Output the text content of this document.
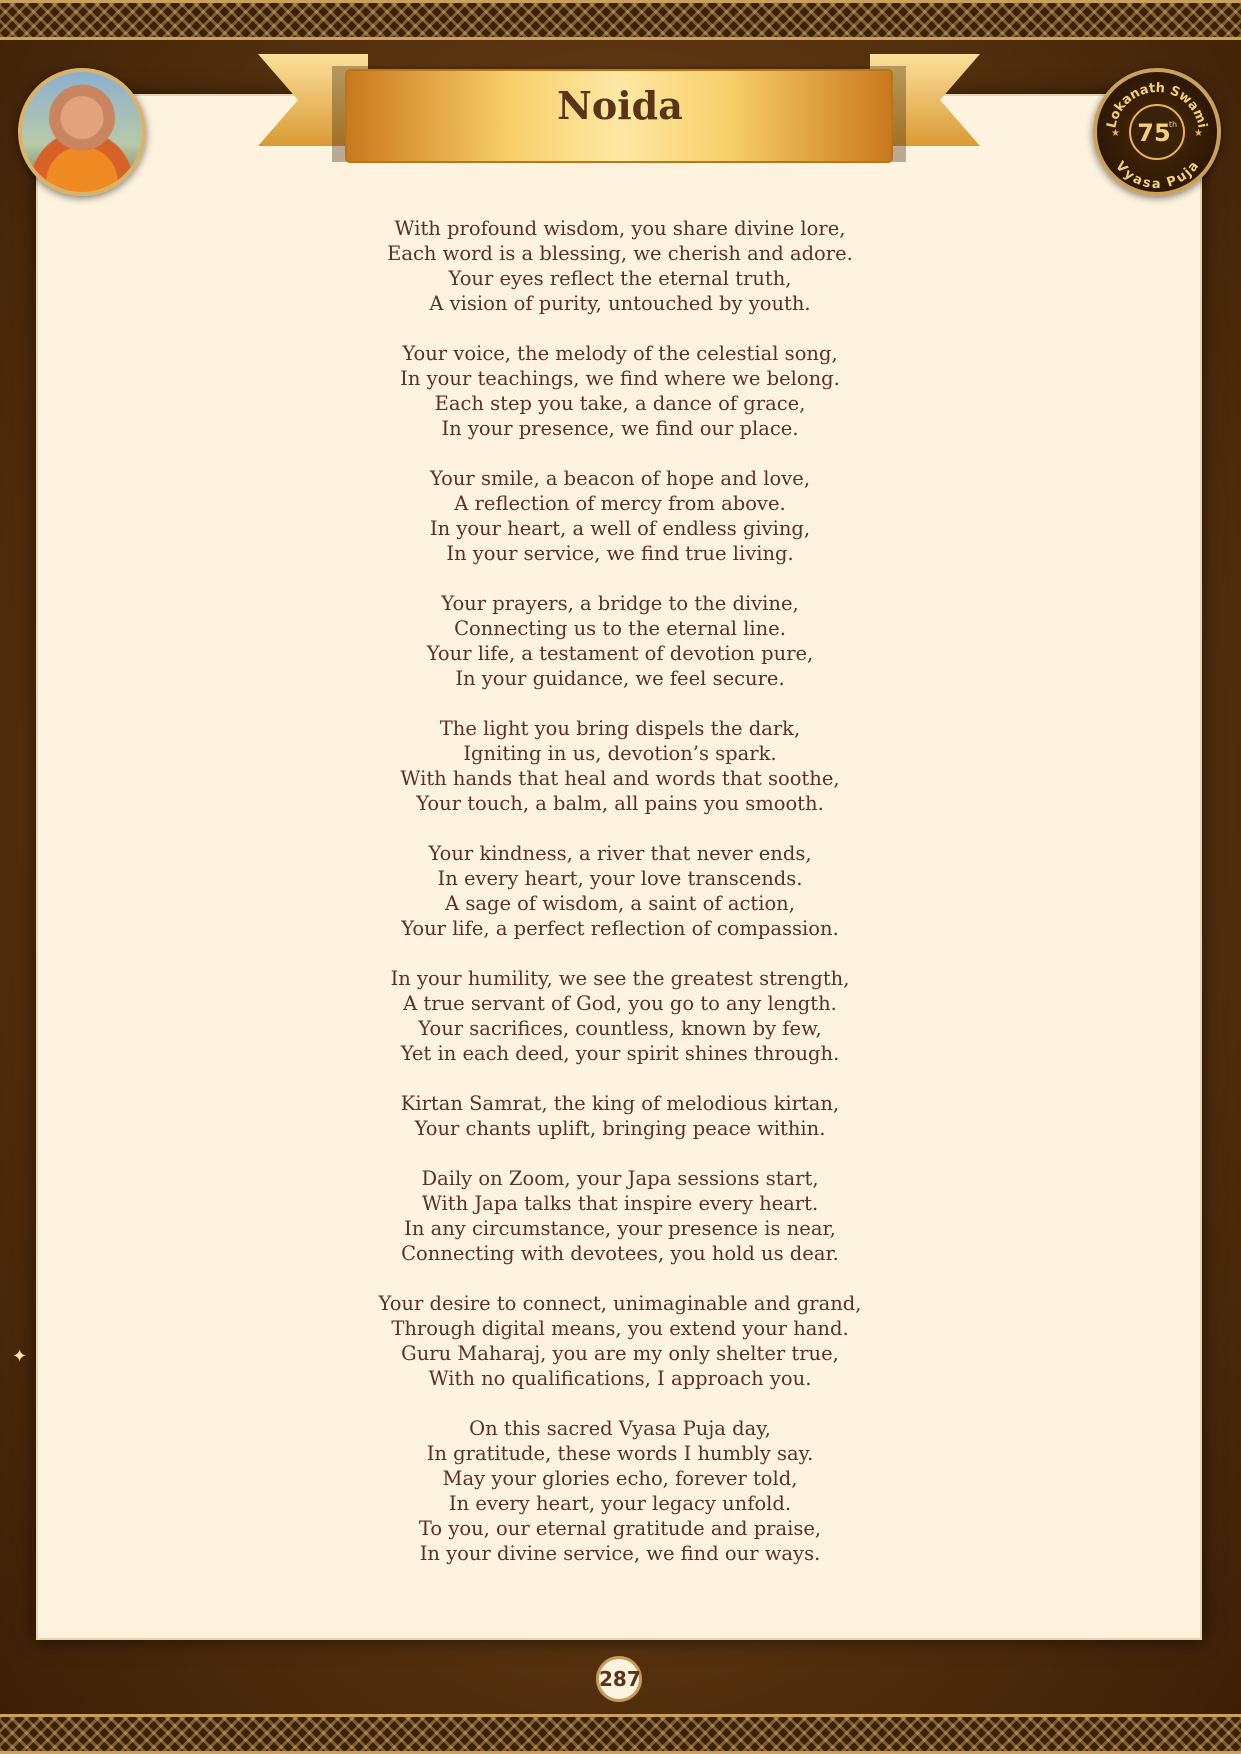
Noida	Lokanath Swami
Vyasa Puja
75
th
★	★

With profound wisdom, you share divine lore,
Each word is a blessing, we cherish and adore.
Your eyes reflect the eternal truth,
A vision of purity, untouched by youth.

Your voice, the melody of the celestial song,
In your teachings, we find where we belong.
Each step you take, a dance of grace,
In your presence, we find our place.

Your smile, a beacon of hope and love,
A reflection of mercy from above.
In your heart, a well of endless giving,
In your service, we find true living.

Your prayers, a bridge to the divine,
Connecting us to the eternal line.
Your life, a testament of devotion pure,
In your guidance, we feel secure.

The light you bring dispels the dark,
Igniting in us, devotion’s spark.
With hands that heal and words that soothe,
Your touch, a balm, all pains you smooth.

Your kindness, a river that never ends,
In every heart, your love transcends.
A sage of wisdom, a saint of action,
Your life, a perfect reflection of compassion.

In your humility, we see the greatest strength,
A true servant of God, you go to any length.
Your sacrifices, countless, known by few,
Yet in each deed, your spirit shines through.

Kirtan Samrat, the king of melodious kirtan,
Your chants uplift, bringing peace within.

Daily on Zoom, your Japa sessions start,
With Japa talks that inspire every heart.
In any circumstance, your presence is near,
Connecting with devotees, you hold us dear.

Your desire to connect, unimaginable and grand,
Through digital means, you extend your hand.
Guru Maharaj, you are my only shelter true,
With no qualifications, I approach you.

On this sacred Vyasa Puja day,
In gratitude, these words I humbly say.
May your glories echo, forever told,
In every heart, your legacy unfold.
To you, our eternal gratitude and praise,
In your divine service, we find our ways.

✦
287
